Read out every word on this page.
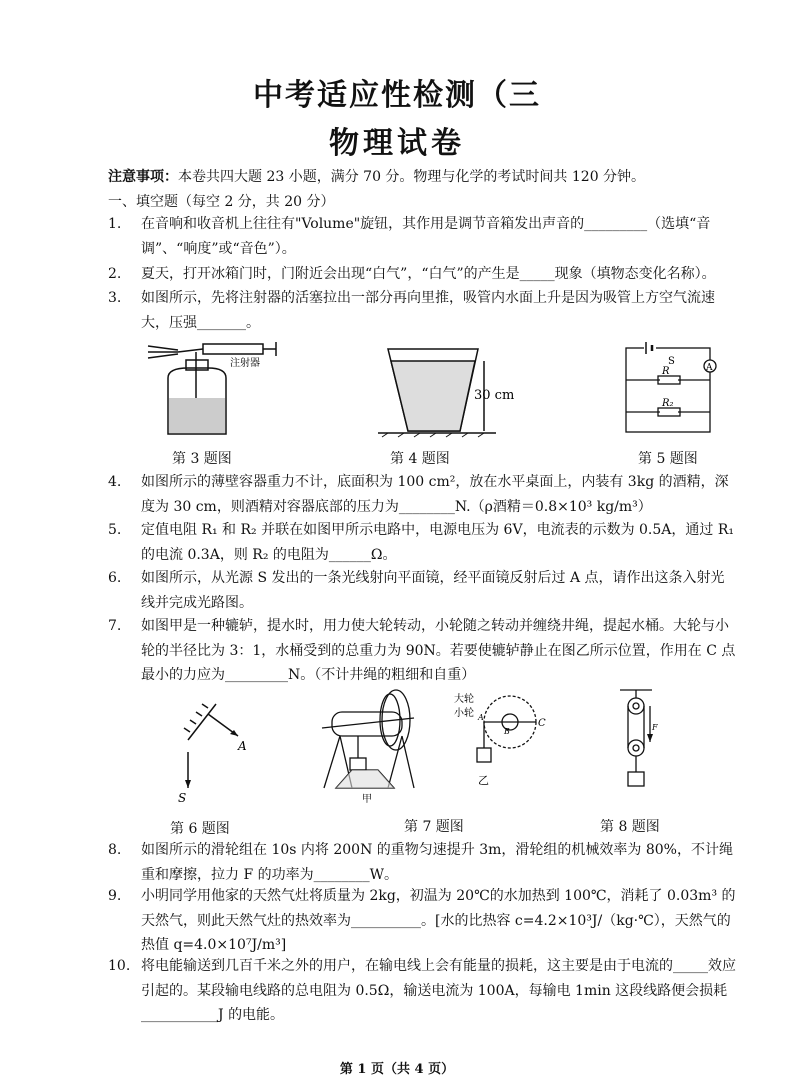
中考适应性检测（三
物理试卷
注意事项：本卷共四大题 23 小题，满分 70 分。物理与化学的考试时间共 120 分钟。
一、填空题（每空 2 分，共 20 分）
1.	在音响和收音机上往往有"Volume"旋钮，其作用是调节音箱发出声音的_________（选填“音调”、“响度”或“音色”）。
2.	夏天，打开冰箱门时，门附近会出现“白气”，“白气”的产生是_____现象（填物态变化名称）。
3.	如图所示，先将注射器的活塞拉出一部分再向里推，吸管内水面上升是因为吸管上方空气流速大，压强_______。
注射器
第 3 题图
30 cm
第 4 题图
S
A
R
R₂
第 5 题图
4.	如图所示的薄壁容器重力不计，底面积为 100 cm²，放在水平桌面上，内装有 3kg 的酒精，深度为 30 cm，则酒精对容器底部的压力为________N.（ρ酒精＝0.8×10³ kg/m³）
5.	定值电阻 R₁ 和 R₂ 并联在如图甲所示电路中，电源电压为 6V，电流表的示数为 0.5A，通过 R₁ 的电流 0.3A，则 R₂ 的电阻为______Ω。
6.	如图所示，从光源 S 发出的一条光线射向平面镜，经平面镜反射后过 A 点，请作出这条入射光线并完成光路图。
7.	如图甲是一种辘轳，提水时，用力使大轮转动，小轮随之转动并缠绕井绳，提起水桶。大轮与小轮的半径比为 3：1，水桶受到的总重力为 90N。若要使辘轳静止在图乙所示位置，作用在 C 点最小的力应为_________N。（不计井绳的粗细和自重）
A
S
第 6 题图
大轮
小轮 A
B
C
甲
乙
第 7 题图
F
第 8 题图
8.	如图所示的滑轮组在 10s 内将 200N 的重物匀速提升 3m，滑轮组的机械效率为 80%，不计绳重和摩擦，拉力 F 的功率为________W。
9.	小明同学用他家的天然气灶将质量为 2kg，初温为 20℃的水加热到 100℃，消耗了 0.03m³ 的天然气，则此天然气灶的热效率为__________。[水的比热容 c=4.2×10³J/（kg·℃），天然气的热值 q=4.0×10⁷J/m³]
10. 将电能输送到几百千米之外的用户，在输电线上会有能量的损耗，这主要是由于电流的_____效应引起的。某段输电线路的总电阻为 0.5Ω，输送电流为 100A，每输电 1min 这段线路便会损耗___________J 的电能。
第 1 页（共 4 页）
